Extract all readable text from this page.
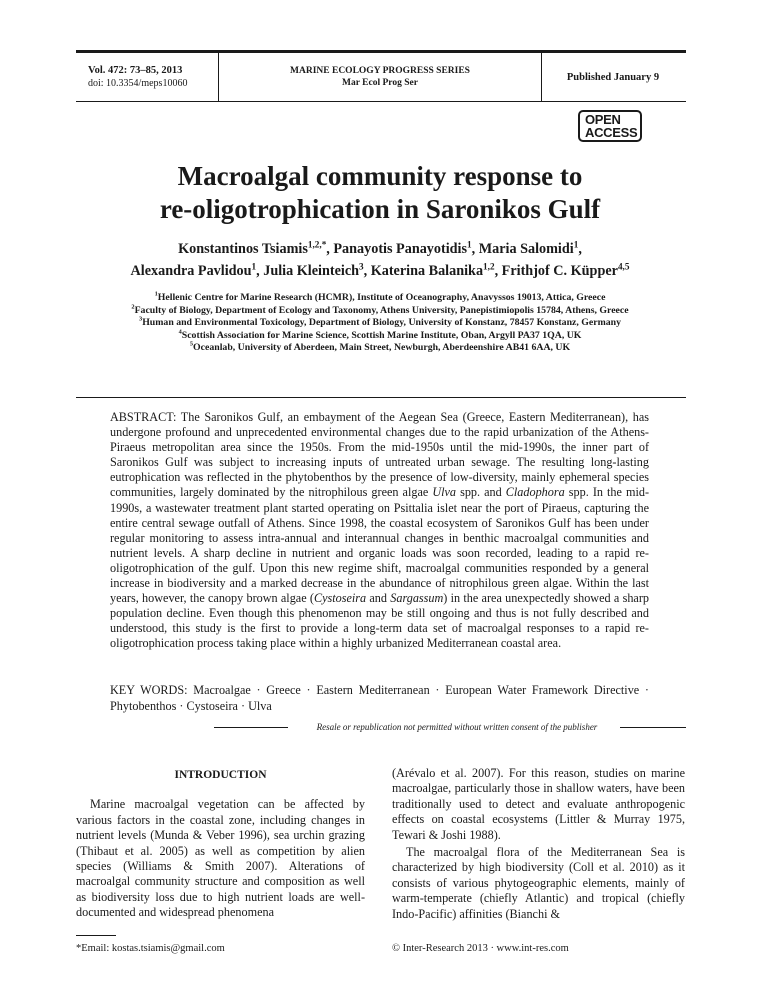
Vol. 472: 73–85, 2013
doi: 10.3354/meps10060
MARINE ECOLOGY PROGRESS SERIES
Mar Ecol Prog Ser
Published January 9
OPEN
ACCESS
Macroalgal community response to
re-oligotrophication in Saronikos Gulf
Konstantinos Tsiamis$^{1,2,*}$, Panayotis Panayotidis$^1$, Maria Salomidi$^1$,
Alexandra Pavlidou$^1$, Julia Kleinteich$^3$, Katerina Balanika$^{1,2}$, Frithjof C. Küpper$^{4,5}$
$^1$Hellenic Centre for Marine Research (HCMR), Institute of Oceanography, Anavyssos 19013, Attica, Greece
$^2$Faculty of Biology, Department of Ecology and Taxonomy, Athens University, Panepistimiopolis 15784, Athens, Greece
$^3$Human and Environmental Toxicology, Department of Biology, University of Konstanz, 78457 Konstanz, Germany
$^4$Scottish Association for Marine Science, Scottish Marine Institute, Oban, Argyll PA37 1QA, UK
$^5$Oceanlab, University of Aberdeen, Main Street, Newburgh, Aberdeenshire AB41 6AA, UK
ABSTRACT: The Saronikos Gulf, an embayment of the Aegean Sea (Greece, Eastern Mediterranean), has undergone profound and unprecedented environmental changes due to the rapid urbanization of the Athens-Piraeus metropolitan area since the 1950s. From the mid-1950s until the mid-1990s, the inner part of Saronikos Gulf was subject to increasing inputs of untreated urban sewage. The resulting long-lasting eutrophication was reflected in the phytobenthos by the presence of low-diversity, mainly ephemeral species communities, largely dominated by the nitrophilous green algae Ulva spp. and Cladophora spp. In the mid-1990s, a wastewater treatment plant started operating on Psittalia islet near the port of Piraeus, capturing the entire central sewage outfall of Athens. Since 1998, the coastal ecosystem of Saronikos Gulf has been under regular monitoring to assess intra-annual and interannual changes in benthic macroalgal communities and nutrient levels. A sharp decline in nutrient and organic loads was soon recorded, leading to a rapid re-oligotrophication of the gulf. Upon this new regime shift, macroalgal communities responded by a general increase in biodiversity and a marked decrease in the abundance of nitrophilous green algae. Within the last years, however, the canopy brown algae (Cystoseira and Sargassum) in the area unexpectedly showed a sharp population decline. Even though this phenomenon may be still ongoing and thus is not fully described and understood, this study is the first to provide a long-term data set of macroalgal responses to a rapid re-oligotrophication process taking place within a highly urbanized Mediterranean coastal area.
KEY WORDS: Macroalgae · Greece · Eastern Mediterranean · European Water Framework Directive · Phytobenthos · Cystoseira · Ulva
Resale or republication not permitted without written consent of the publisher
INTRODUCTION

Marine macroalgal vegetation can be affected by various factors in the coastal zone, including changes in nutrient levels (Munda & Veber 1996), sea urchin grazing (Thibaut et al. 2005) as well as competition by alien species (Williams & Smith 2007). Alterations of macroalgal community structure and composition as well as biodiversity loss due to high nutrient loads are well-documented and widespread phenomena

(Arévalo et al. 2007). For this reason, studies on marine macroalgae, particularly those in shallow waters, have been traditionally used to detect and evaluate anthropogenic effects on coastal ecosystems (Littler & Murray 1975, Tewari & Joshi 1988).

The macroalgal flora of the Mediterranean Sea is characterized by high biodiversity (Coll et al. 2010) as it consists of various phytogeographic elements, mainly of warm-temperate (chiefly Atlantic) and tropical (chiefly Indo-Pacific) affinities (Bianchi &

*Email: kostas.tsiamis@gmail.com	© Inter-Research 2013 · www.int-res.com
